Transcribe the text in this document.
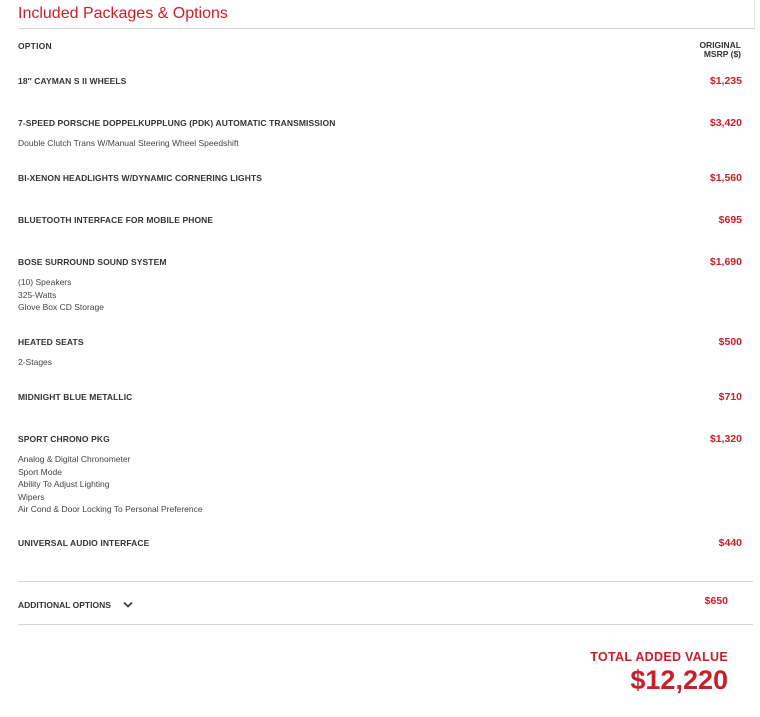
Included Packages & Options
OPTION	ORIGINAL
MSRP ($)
18″ CAYMAN S II WHEELS	$1,235
7-SPEED PORSCHE DOPPELKUPPLUNG (PDK) AUTOMATIC TRANSMISSION	$3,420
Double Clutch Trans W/Manual Steering Wheel Speedshift
BI-XENON HEADLIGHTS W/DYNAMIC CORNERING LIGHTS	$1,560
BLUETOOTH INTERFACE FOR MOBILE PHONE	$695
BOSE SURROUND SOUND SYSTEM	$1,690
(10) Speakers
325-Watts
Glove Box CD Storage
HEATED SEATS	$500
2-Stages
MIDNIGHT BLUE METALLIC	$710
SPORT CHRONO PKG	$1,320
Analog & Digital Chronometer
Sport Mode
Ability To Adjust Lighting
Wipers
Air Cond & Door Locking To Personal Preference
UNIVERSAL AUDIO INTERFACE	$440
ADDITIONAL OPTIONS	$650
TOTAL ADDED VALUE
$12,220
